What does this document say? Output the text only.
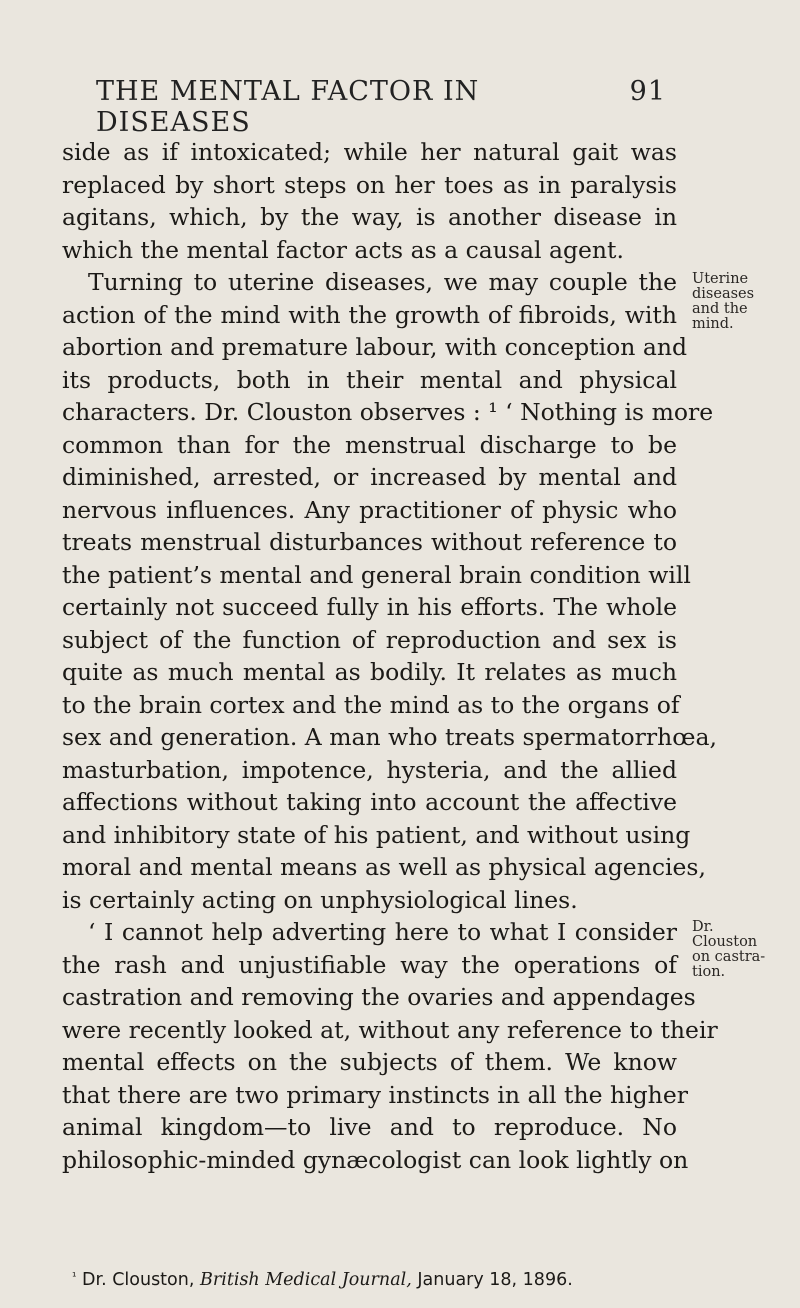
THE MENTAL FACTOR IN DISEASES
91
side as if intoxicated; while her natural gait was
replaced by short steps on her toes as in paralysis
agitans, which, by the way, is another disease in
which the mental factor acts as a causal agent.
Turning to uterine diseases, we may couple the
action of the mind with the growth of fibroids, with
abortion and premature labour, with conception and
its products, both in their mental and physical
characters. Dr. Clouston observes : ¹ ‘ Nothing is more
common than for the menstrual discharge to be
diminished, arrested, or increased by mental and
nervous influences. Any practitioner of physic who
treats menstrual disturbances without reference to
the patient’s mental and general brain condition will
certainly not succeed fully in his efforts. The whole
subject of the function of reproduction and sex is
quite as much mental as bodily. It relates as much
to the brain cortex and the mind as to the organs of
sex and generation. A man who treats spermatorrhœa,
masturbation, impotence, hysteria, and the allied
affections without taking into account the affective
and inhibitory state of his patient, and without using
moral and mental means as well as physical agencies,
is certainly acting on unphysiological lines.
‘ I cannot help adverting here to what I consider
the rash and unjustifiable way the operations of
castration and removing the ovaries and appendages
were recently looked at, without any reference to their
mental effects on the subjects of them. We know
that there are two primary instincts in all the higher
animal kingdom—to live and to reproduce. No
philosophic-minded gynæcologist can look lightly on
Uterine
diseases
and the
mind.
Dr.
Clouston
on castra-
tion.
$^{^1}$ Dr. Clouston, British Medical Journal, January 18, 1896.
